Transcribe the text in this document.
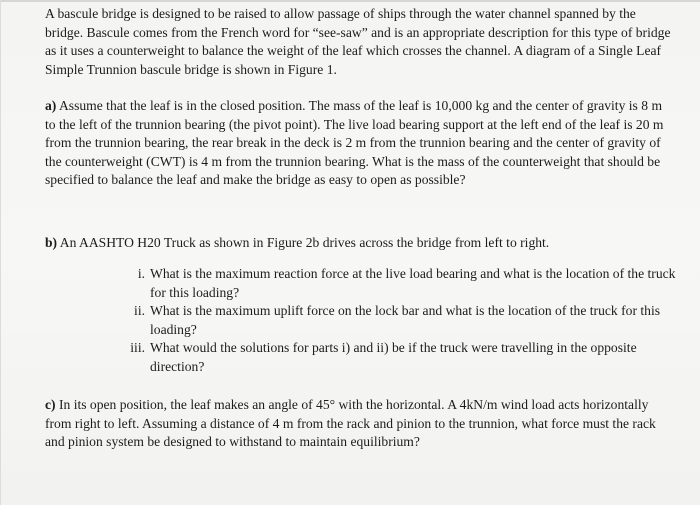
A bascule bridge is designed to be raised to allow passage of ships through the water channel spanned by the bridge. Bascule comes from the French word for “see-saw” and is an appropriate description for this type of bridge as it uses a counterweight to balance the weight of the leaf which crosses the channel. A diagram of a Single Leaf Simple Trunnion bascule bridge is shown in Figure 1.

a) Assume that the leaf is in the closed position. The mass of the leaf is 10,000 kg and the center of gravity is 8 m to the left of the trunnion bearing (the pivot point). The live load bearing support at the left end of the leaf is 20 m from the trunnion bearing, the rear break in the deck is 2 m from the trunnion bearing and the center of gravity of the counterweight (CWT) is 4 m from the trunnion bearing. What is the mass of the counterweight that should be specified to balance the leaf and make the bridge as easy to open as possible?

b) An AASHTO H20 Truck as shown in Figure 2b drives across the bridge from left to right.

i. What is the maximum reaction force at the live load bearing and what is the location of the truck for this loading?
ii. What is the maximum uplift force on the lock bar and what is the location of the truck for this loading?
iii. What would the solutions for parts i) and ii) be if the truck were travelling in the opposite direction?

c) In its open position, the leaf makes an angle of 45° with the horizontal. A 4kN/m wind load acts horizontally from right to left. Assuming a distance of 4 m from the rack and pinion to the trunnion, what force must the rack and pinion system be designed to withstand to maintain equilibrium?
